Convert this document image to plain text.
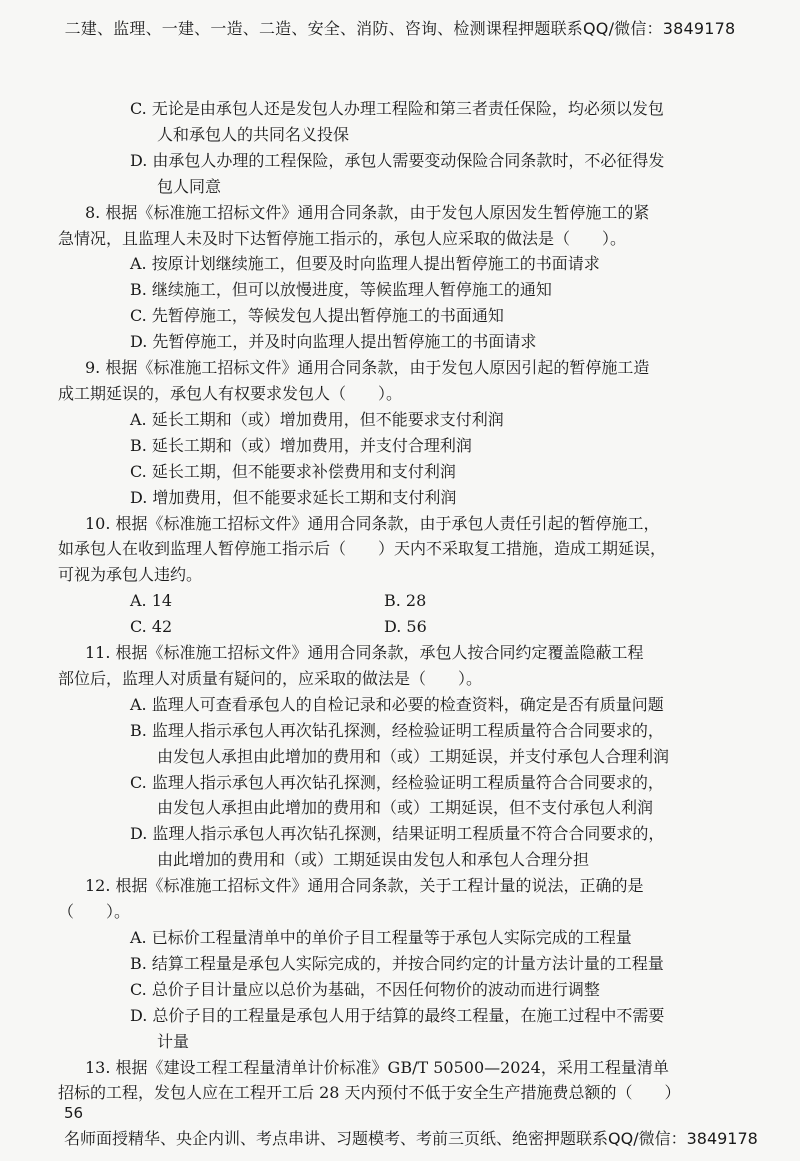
二建、监理、一建、一造、二造、安全、消防、咨询、检测课程押题联系QQ/微信：3849178
C. 无论是由承包人还是发包人办理工程险和第三者责任保险，均必须以发包
人和承包人的共同名义投保
D. 由承包人办理的工程保险，承包人需要变动保险合同条款时，不必征得发
包人同意
8. 根据《标准施工招标文件》通用合同条款，由于发包人原因发生暂停施工的紧
急情况，且监理人未及时下达暂停施工指示的，承包人应采取的做法是（　　）。
A. 按原计划继续施工，但要及时向监理人提出暂停施工的书面请求
B. 继续施工，但可以放慢进度，等候监理人暂停施工的通知
C. 先暂停施工，等候发包人提出暂停施工的书面通知
D. 先暂停施工，并及时向监理人提出暂停施工的书面请求
9. 根据《标准施工招标文件》通用合同条款，由于发包人原因引起的暂停施工造
成工期延误的，承包人有权要求发包人（　　）。
A. 延长工期和（或）增加费用，但不能要求支付利润
B. 延长工期和（或）增加费用，并支付合理利润
C. 延长工期，但不能要求补偿费用和支付利润
D. 增加费用，但不能要求延长工期和支付利润
10. 根据《标准施工招标文件》通用合同条款，由于承包人责任引起的暂停施工，
如承包人在收到监理人暂停施工指示后（　　）天内不采取复工措施，造成工期延误，
可视为承包人违约。
A. 14	B. 28
C. 42	D. 56
11. 根据《标准施工招标文件》通用合同条款，承包人按合同约定覆盖隐蔽工程
部位后，监理人对质量有疑问的，应采取的做法是（　　）。
A. 监理人可查看承包人的自检记录和必要的检查资料，确定是否有质量问题
B. 监理人指示承包人再次钻孔探测，经检验证明工程质量符合合同要求的，
由发包人承担由此增加的费用和（或）工期延误，并支付承包人合理利润
C. 监理人指示承包人再次钻孔探测，经检验证明工程质量符合合同要求的，
由发包人承担由此增加的费用和（或）工期延误，但不支付承包人利润
D. 监理人指示承包人再次钻孔探测，结果证明工程质量不符合合同要求的，
由此增加的费用和（或）工期延误由发包人和承包人合理分担
12. 根据《标准施工招标文件》通用合同条款，关于工程计量的说法，正确的是
（　　）。
A. 已标价工程量清单中的单价子目工程量等于承包人实际完成的工程量
B. 结算工程量是承包人实际完成的，并按合同约定的计量方法计量的工程量
C. 总价子目计量应以总价为基础，不因任何物价的波动而进行调整
D. 总价子目的工程量是承包人用于结算的最终工程量，在施工过程中不需要
计量
13. 根据《建设工程工程量清单计价标准》GB/T 50500—2024，采用工程量清单
招标的工程，发包人应在工程开工后 28 天内预付不低于安全生产措施费总额的（　　）
56
名师面授精华、央企内训、考点串讲、习题模考、考前三页纸、绝密押题联系QQ/微信：3849178
